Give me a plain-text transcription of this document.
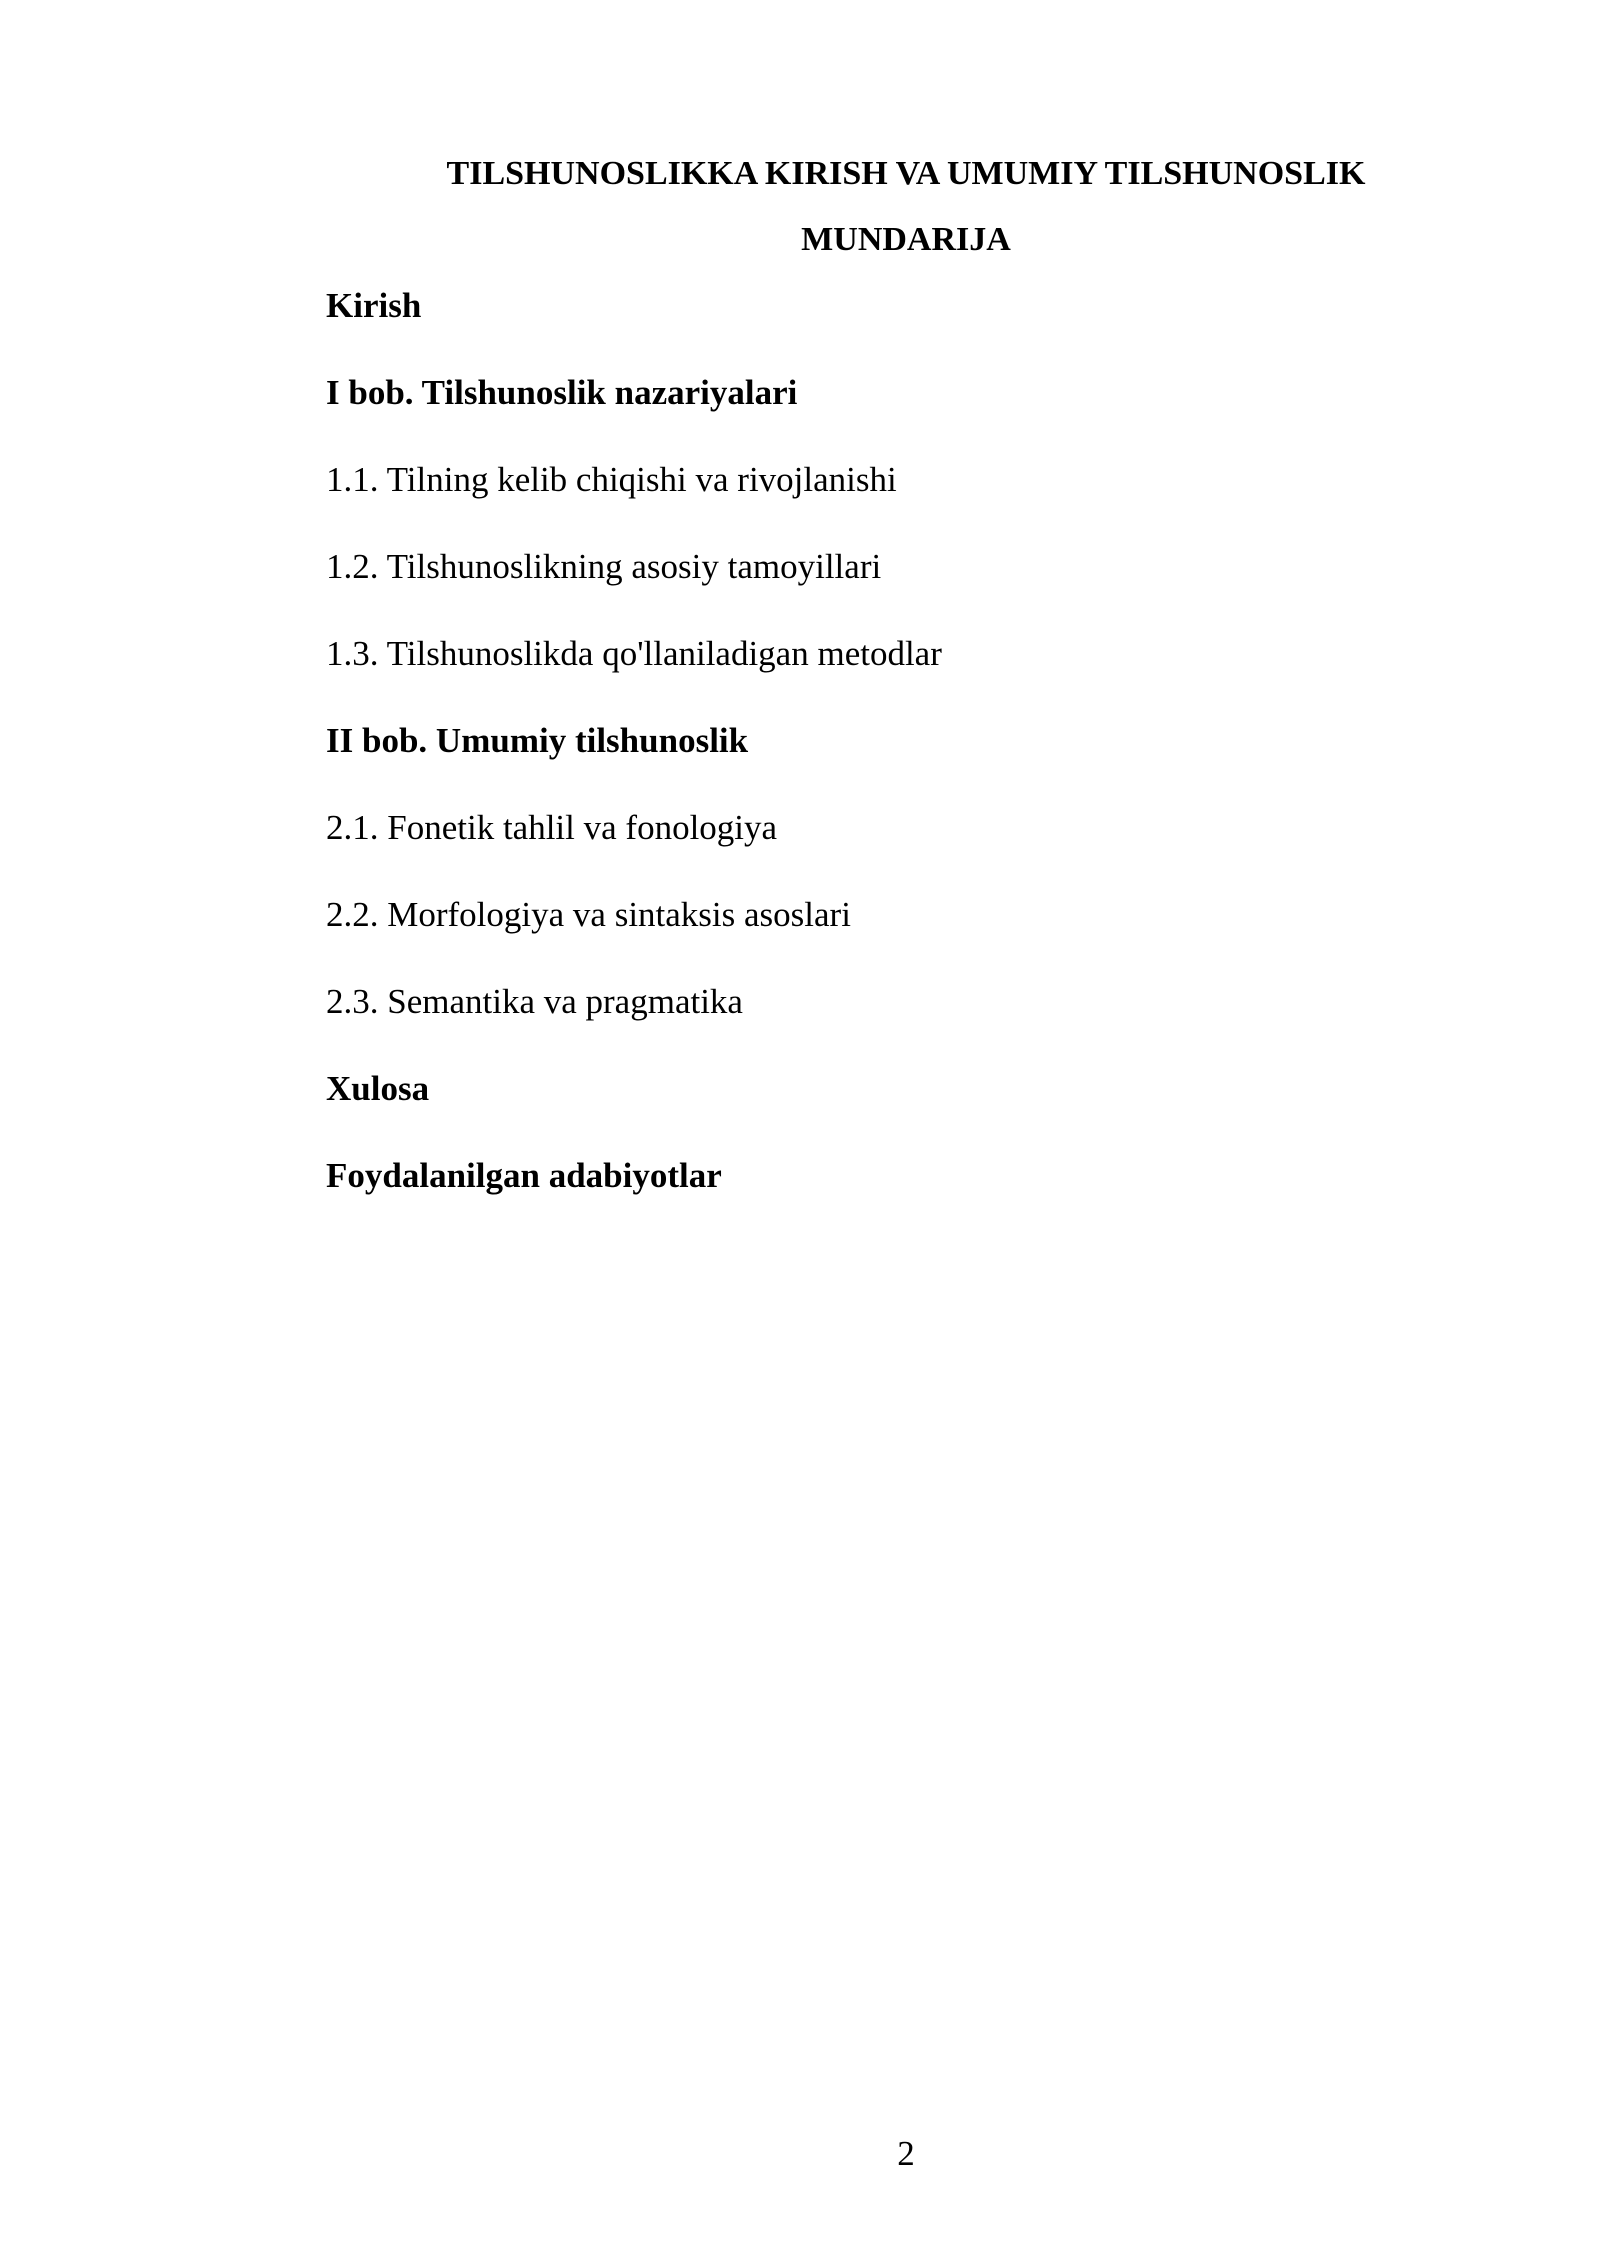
TILSHUNOSLIKKA KIRISH VA UMUMIY TILSHUNOSLIK
MUNDARIJA
Kirish
I bob. Tilshunoslik nazariyalari
1.1. Tilning kelib chiqishi va rivojlanishi
1.2. Tilshunoslikning asosiy tamoyillari
1.3. Tilshunoslikda qo'llaniladigan metodlar
II bob. Umumiy tilshunoslik
2.1. Fonetik tahlil va fonologiya
2.2. Morfologiya va sintaksis asoslari
2.3. Semantika va pragmatika
Xulosa
Foydalanilgan adabiyotlar
2
